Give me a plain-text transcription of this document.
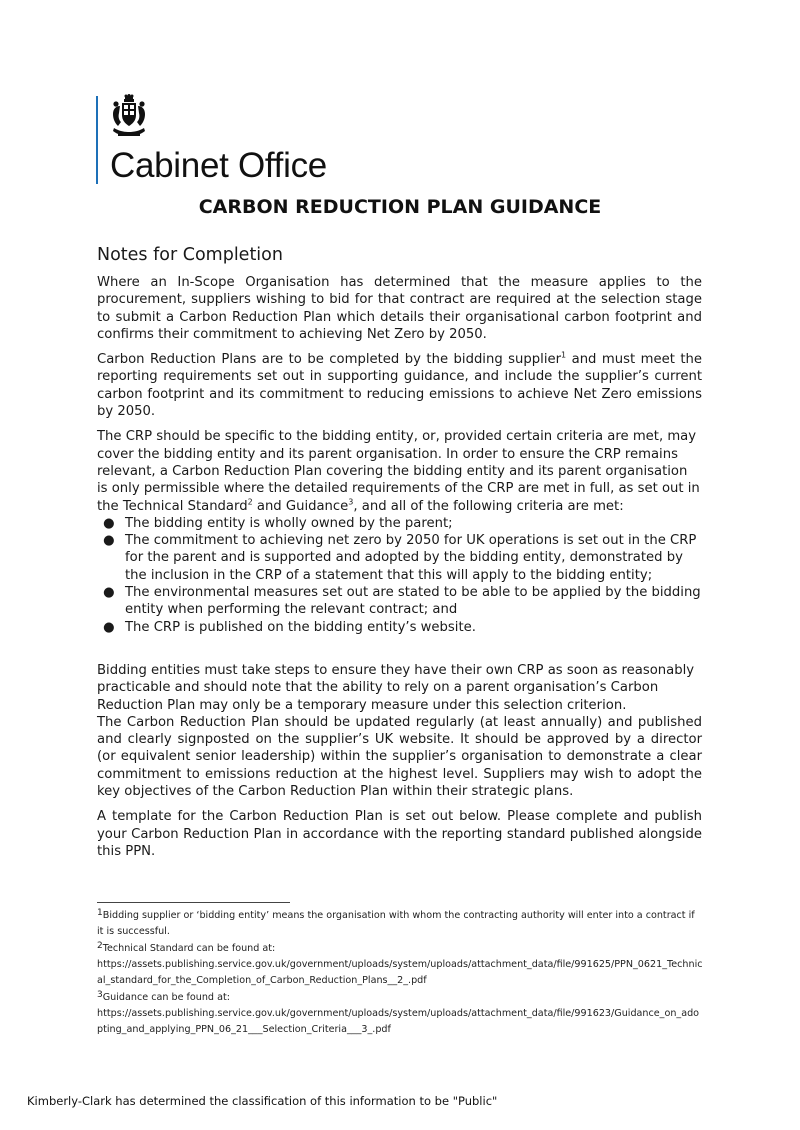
Cabinet Office
CARBON REDUCTION PLAN GUIDANCE
Notes for Completion

Where an In-Scope Organisation has determined that the measure applies to the procurement, suppliers wishing to bid for that contract are required at the selection stage to submit a Carbon Reduction Plan which details their organisational carbon footprint and confirms their commitment to achieving Net Zero by 2050.

Carbon Reduction Plans are to be completed by the bidding supplier$^1$ and must meet the reporting requirements set out in supporting guidance, and include the supplier’s current carbon footprint and its commitment to reducing emissions to achieve Net Zero emissions by 2050.

The CRP should be specific to the bidding entity, or, provided certain criteria are met, may cover the bidding entity and its parent organisation. In order to ensure the CRP remains relevant, a Carbon Reduction Plan covering the bidding entity and its parent organisation is only permissible where the detailed requirements of the CRP are met in full, as set out in the Technical Standard$^2$ and Guidance$^3$, and all of the following criteria are met:

● The bidding entity is wholly owned by the parent;
● The commitment to achieving net zero by 2050 for UK operations is set out in the CRP for the parent and is supported and adopted by the bidding entity, demonstrated by the inclusion in the CRP of a statement that this will apply to the bidding entity;
● The environmental measures set out are stated to be able to be applied by the bidding entity when performing the relevant contract; and
● The CRP is published on the bidding entity’s website.

Bidding entities must take steps to ensure they have their own CRP as soon as reasonably practicable and should note that the ability to rely on a parent organisation’s Carbon Reduction Plan may only be a temporary measure under this selection criterion.

The Carbon Reduction Plan should be updated regularly (at least annually) and published and clearly signposted on the supplier’s UK website. It should be approved by a director (or equivalent senior leadership) within the supplier’s organisation to demonstrate a clear commitment to emissions reduction at the highest level. Suppliers may wish to adopt the key objectives of the Carbon Reduction Plan within their strategic plans.

A template for the Carbon Reduction Plan is set out below. Please complete and publish your Carbon Reduction Plan in accordance with the reporting standard published alongside this PPN.

$^1$Bidding supplier or ‘bidding entity’ means the organisation with whom the contracting authority will enter into a contract if it is successful.
$^2$Technical Standard can be found at:
https://assets.publishing.service.gov.uk/government/uploads/system/uploads/attachment_data/file/991625/PPN_0621_Technical_standard_for_the_Completion_of_Carbon_Reduction_Plans__2_.pdf
$^3$Guidance can be found at:
https://assets.publishing.service.gov.uk/government/uploads/system/uploads/attachment_data/file/991623/Guidance_on_adopting_and_applying_PPN_06_21___Selection_Criteria___3_.pdf
Kimberly-Clark has determined the classification of this information to be "Public"
